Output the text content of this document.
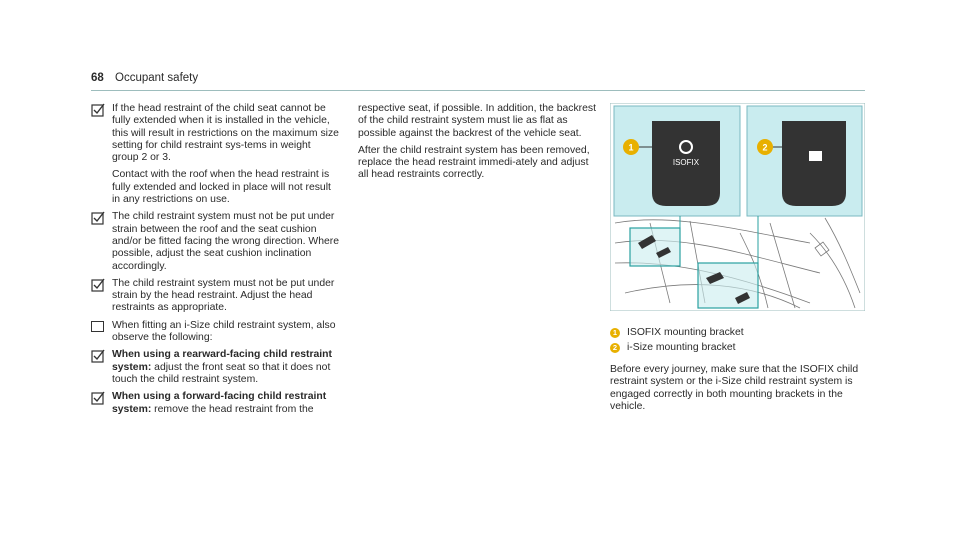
68 Occupant safety
If the head restraint of the child seat cannot be fully extended when it is installed in the vehicle, this will result in restrictions on the maximum size setting for child restraint sys-tems in weight group 2 or 3.
Contact with the roof when the head restraint is fully extended and locked in place will not result in any restrictions on use.
The child restraint system must not be put under strain between the roof and the seat cushion and/or be fitted facing the wrong direction. Where possible, adjust the seat cushion inclination accordingly.
The child restraint system must not be put under strain by the head restraint. Adjust the head restraints as appropriate.
When fitting an i-Size child restraint system, also observe the following:
When using a rearward-facing child restraint system: adjust the front seat so that it does not touch the child restraint system.
When using a forward-facing child restraint system: remove the head restraint from the
respective seat, if possible. In addition, the backrest of the child restraint system must lie as flat as possible against the backrest of the vehicle seat.
After the child restraint system has been removed, replace the head restraint immedi-ately and adjust all head restraints correctly.
ISOFIX
1	2
1 ISOFIX mounting bracket
2 i-Size mounting bracket
Before every journey, make sure that the ISOFIX child restraint system or the i-Size child restraint system is engaged correctly in both mounting brackets in the vehicle.
